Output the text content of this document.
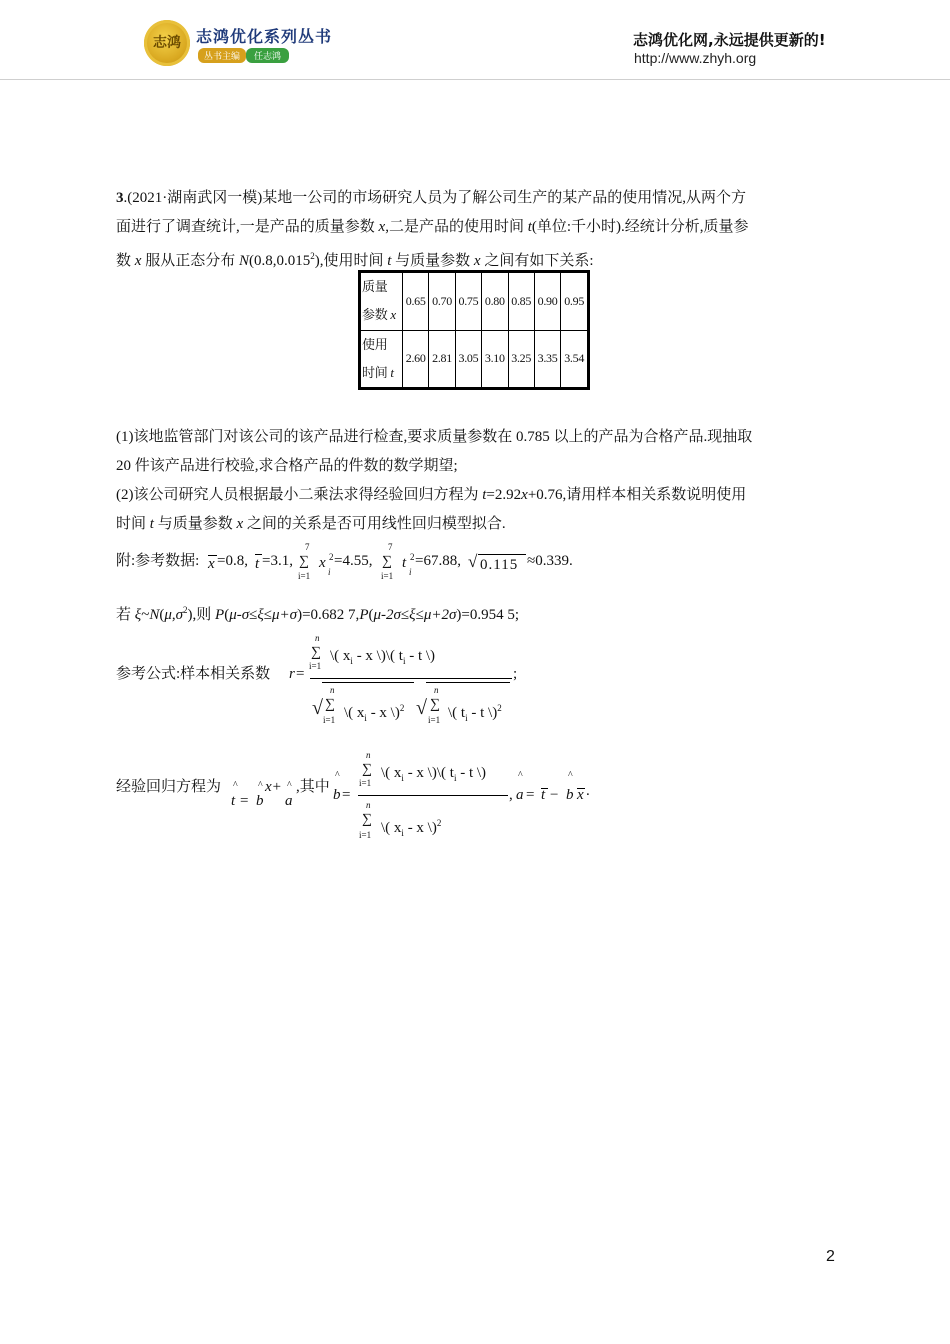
志鸿 志鸿优化系列丛书
丛书主编	任志鸿
志鸿优化网,永远提供更新的!
http://www.zhyh.org
3.(2021·湖南武冈一模)某地一公司的市场研究人员为了解公司生产的某产品的使用情况,从两个方
面进行了调查统计,一是产品的质量参数 x,二是产品的使用时间 t(单位:千小时).经统计分析,质量参
数 x 服从正态分布 N(0.8,0.015$^2$),使用时间 t 与质量参数 x 之间有如下关系:
质量
参数 x	0.65	0.70	0.75	0.80	0.85	0.90	0.95
使用
时间 t	2.60	2.81	3.05	3.10	3.25	3.35	3.54
(1)该地监管部门对该公司的该产品进行检查,要求质量参数在 0.785 以上的产品为合格产品.现抽取
20 件该产品进行校验,求合格产品的件数的数学期望;
(2)该公司研究人员根据最小二乘法求得经验回归方程为 t=2.92x+0.76,请用样本相关系数说明使用
时间 t 与质量参数 x 之间的关系是否可用线性回归模型拟合.
附:参考数据: x =0.8, t =3.1,
7
∑
i=1
x
i
2 =4.55,
7
∑
i=1
t
i
2 =67.88, √ 0.115 ≈0.339.
若 $\xi\sim N(\mu,\sigma^2)$,则 P(μ-σ≤ξ≤μ+σ)=0.682 7,P(μ-2σ≤ξ≤μ+2σ)=0.954 5;
参考公式:样本相关系数 r =
n
∑
i=1
\( $x_i$ - x \)\( $t_i$ - t \)
√
n
∑
i=1 \( $x_i$ - x \)$^2$ √
n
∑
i=1 \( $t_i$ - t \)$^2$
;
经验回归方程为 ^
t =
^
b
x+ ^
a
,其中
^
b =
n
∑
i=1
\( $x_i$ - x \)\( $t_i$ - t \)
n
∑
i=1 \( $x_i$ - x \)$^2$
,
^
a = t −
^
b x .
2
